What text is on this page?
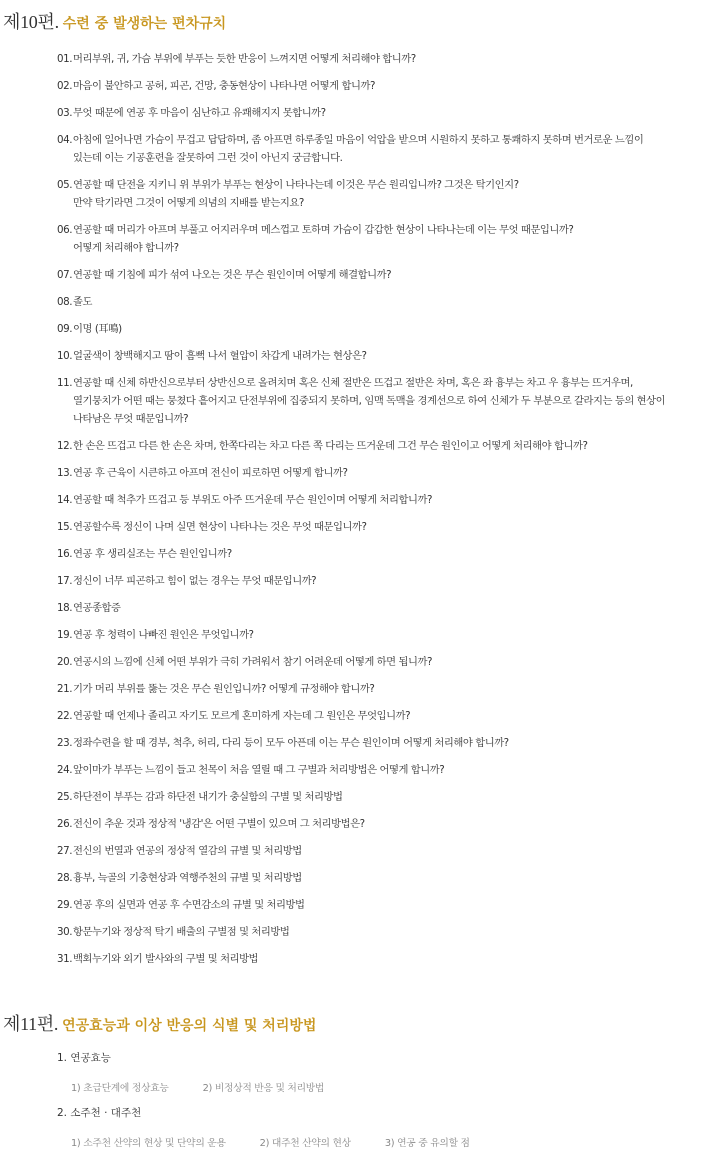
제10편. 수련 중 발생하는 편차규치
01. 머리부위, 귀, 가슴 부위에 부푸는 듯한 반응이 느껴지면 어떻게 처리해야 합니까?
02. 마음이 불안하고 공허, 피곤, 건망, 충동현상이 나타나면 어떻게 합니까?
03. 무엇 때문에 연공 후 마음이 심난하고 유쾌해지지 못합니까?
04. 아침에 일어나면 가슴이 무겁고 답답하며, 좀 아프면 하루종일 마음이 억압을 받으며 시원하지 못하고 통쾌하지 못하며 번거로운 느낌이
있는데 이는 기공훈련을 잘못하여 그런 것이 아닌지 궁금합니다.
05. 연공할 때 단전을 지키니 위 부위가 부푸는 현상이 나타나는데 이것은 무슨 원리입니까? 그것은 탁기인지?
만약 탁기라면 그것이 어떻게 의념의 지배를 받는지요?
06. 연공할 때 머리가 아프며 부풀고 어지러우며 메스껍고 토하며 가슴이 갑갑한 현상이 나타나는데 이는 무엇 때문입니까?
어떻게 처리해야 합니까?
07. 연공할 때 기침에 피가 섞여 나오는 것은 무슨 원인이며 어떻게 해결합니까?
08. 졸도
09. 이명 (耳鳴)
10. 얼굴색이 창백해지고 땀이 흠뻑 나서 혈압이 차갑게 내려가는 현상은?
11. 연공할 때 신체 하반신으로부터 상반신으로 올려치며 혹은 신체 절반은 뜨겁고 절반은 차며, 혹은 좌 흉부는 차고 우 흉부는 뜨거우며,
열기뭉치가 어떤 때는 뭉쳤다 흩어지고 단전부위에 집중되지 못하며, 임맥 독맥을 경계선으로 하여 신체가 두 부분으로 갈라지는 등의 현상이
나타남은 무엇 때문입니까?
12. 한 손은 뜨겁고 다른 한 손은 차며, 한쪽다리는 차고 다른 쪽 다리는 뜨거운데 그건 무슨 원인이고 어떻게 처리해야 합니까?
13. 연공 후 근육이 시큰하고 아프며 전신이 피로하면 어떻게 합니까?
14. 연공할 때 척추가 뜨겁고 등 부위도 아주 뜨거운데 무슨 원인이며 어떻게 처리합니까?
15. 연공할수록 정신이 나며 실면 현상이 나타나는 것은 무엇 때문입니까?
16. 연공 후 생리실조는 무슨 원인입니까?
17. 정신이 너무 피곤하고 힘이 없는 경우는 무엇 때문입니까?
18. 연공종합증
19. 연공 후 청력이 나빠진 원인은 무엇입니까?
20. 연공시의 느낌에 신체 어떤 부위가 극히 가려워서 참기 어려운데 어떻게 하면 됩니까?
21. 기가 머리 부위를 뚫는 것은 무슨 원인입니까? 어떻게 규정해야 합니까?
22. 연공할 때 언제나 졸리고 자기도 모르게 혼미하게 자는데 그 원인은 무엇입니까?
23. 정좌수련을 할 때 경부, 척추, 허리, 다리 등이 모두 아픈데 이는 무슨 원인이며 어떻게 처리해야 합니까?
24. 앞이마가 부푸는 느낌이 들고 천목이 처음 열릴 때 그 구별과 처리방법은 어떻게 합니까?
25. 하단전이 부푸는 감과 하단전 내기가 충실함의 구별 및 처리방법
26. 전신이 추운 것과 정상적 '냉감'은 어떤 구별이 있으며 그 처리방법은?
27. 전신의 번열과 연공의 정상적 열감의 규별 및 처리방법
28. 흉부, 늑골의 기충현상과 역행주천의 규별 및 처리방법
29. 연공 후의 실면과 연공 후 수면감소의 규별 및 처리방법
30. 항문누기와 정상적 탁기 배출의 구별점 및 처리방법
31. 백회누기와 외기 발사와의 구별 및 처리방법
제11편. 연공효능과 이상 반응의 식별 및 처리방법
1. 연공효능
1) 초급단계에 정상효능	2) 비정상적 반응 및 처리방법
2. 소주천 · 대주천
1) 소주천 산약의 현상 및 단약의 운용	2) 대주천 산약의 현상	3) 연공 중 유의할 점
